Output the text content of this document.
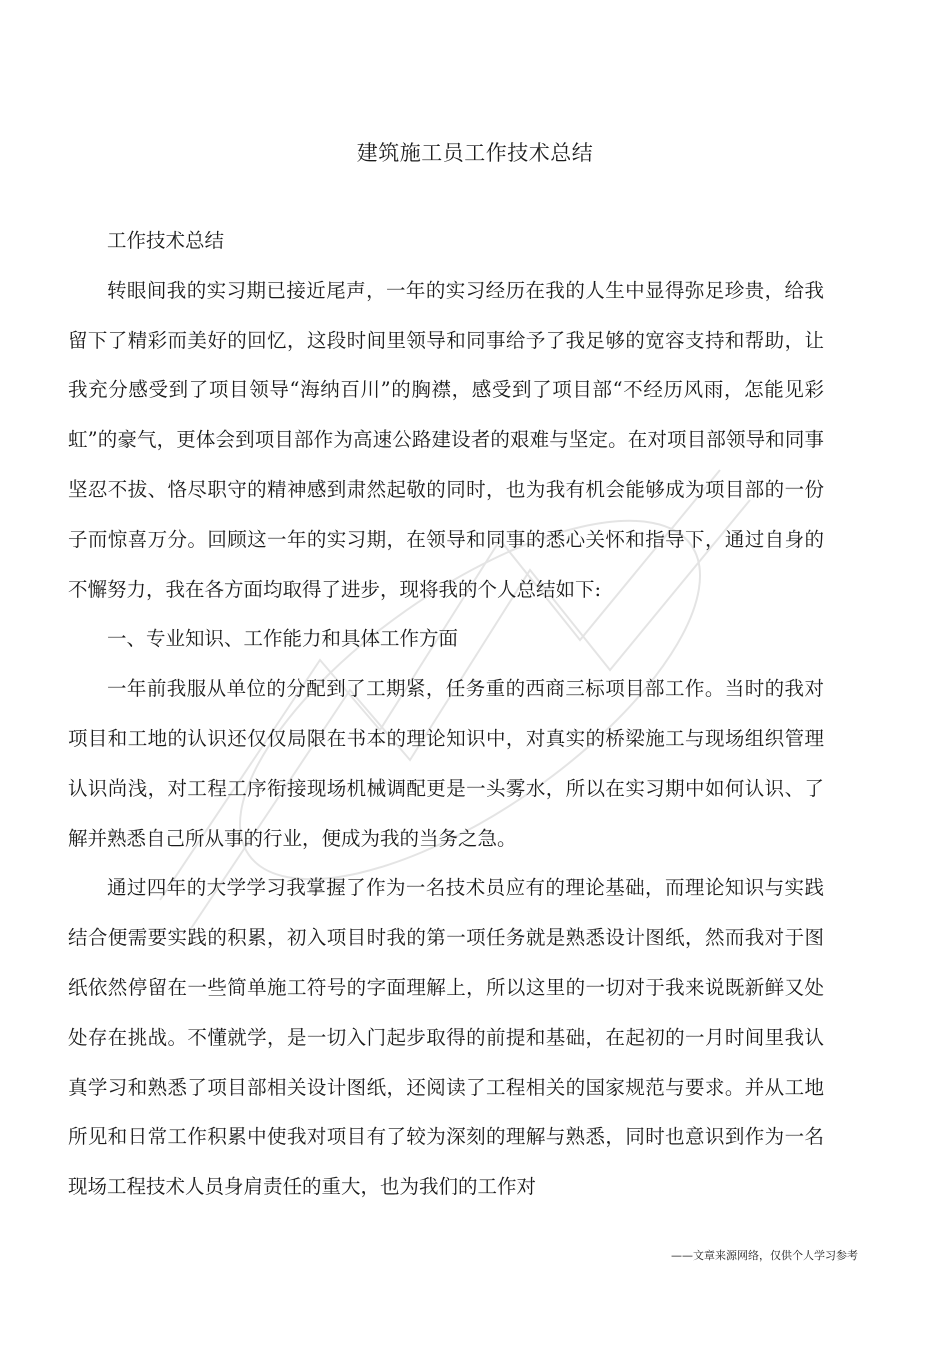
建筑施工员工作技术总结

工作技术总结

转眼间我的实习期已接近尾声，一年的实习经历在我的人生中显得弥足珍贵，给我留下了精彩而美好的回忆，这段时间里领导和同事给予了我足够的宽容支持和帮助，让我充分感受到了项目领导“海纳百川”的胸襟，感受到了项目部“不经历风雨，怎能见彩虹”的豪气，更体会到项目部作为高速公路建设者的艰难与坚定。在对项目部领导和同事坚忍不拔、恪尽职守的精神感到肃然起敬的同时，也为我有机会能够成为项目部的一份子而惊喜万分。回顾这一年的实习期，在领导和同事的悉心关怀和指导下，通过自身的不懈努力，我在各方面均取得了进步，现将我的个人总结如下:

一、专业知识、工作能力和具体工作方面

一年前我服从单位的分配到了工期紧，任务重的西商三标项目部工作。当时的我对项目和工地的认识还仅仅局限在书本的理论知识中，对真实的桥梁施工与现场组织管理认识尚浅，对工程工序衔接现场机械调配更是一头雾水，所以在实习期中如何认识、了解并熟悉自己所从事的行业，便成为我的当务之急。

通过四年的大学学习我掌握了作为一名技术员应有的理论基础，而理论知识与实践结合便需要实践的积累，初入项目时我的第一项任务就是熟悉设计图纸，然而我对于图纸依然停留在一些简单施工符号的字面理解上，所以这里的一切对于我来说既新鲜又处处存在挑战。不懂就学，是一切入门起步取得的前提和基础，在起初的一月时间里我认真学习和熟悉了项目部相关设计图纸，还阅读了工程相关的国家规范与要求。并从工地所见和日常工作积累中使我对项目有了较为深刻的理解与熟悉，同时也意识到作为一名现场工程技术人员身肩责任的重大，也为我们的工作对

——文章来源网络，仅供个人学习参考
